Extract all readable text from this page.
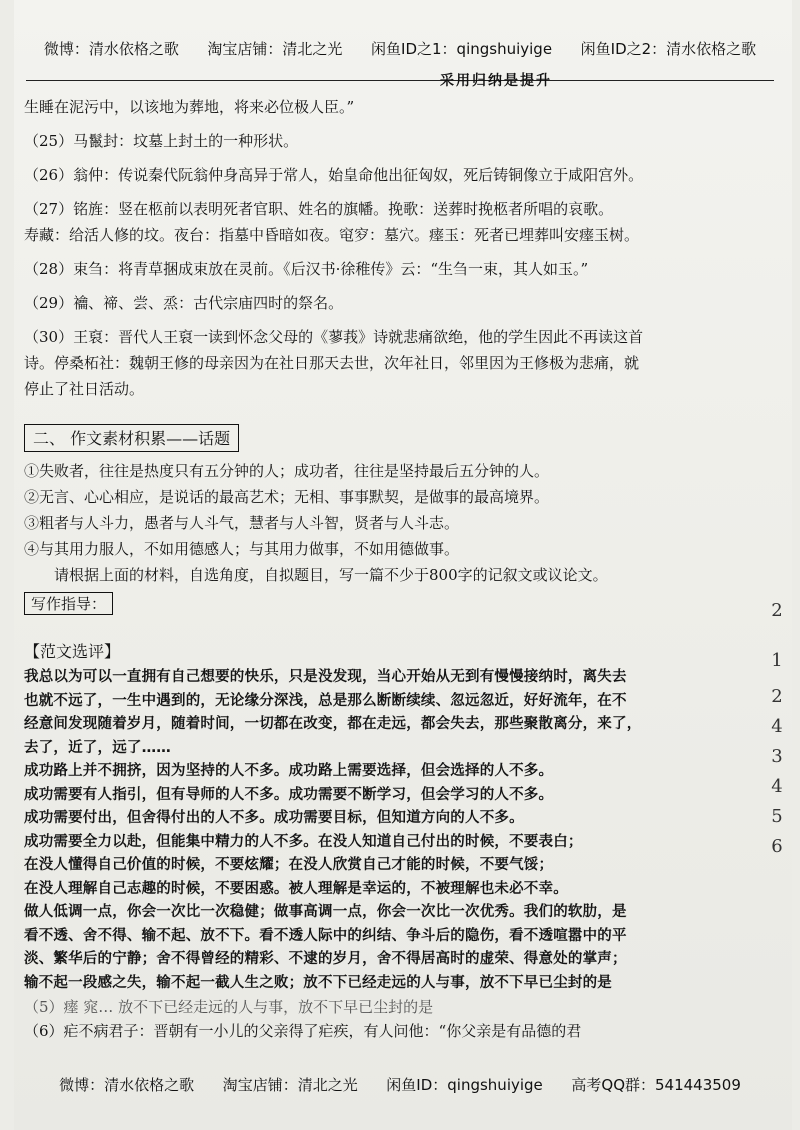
微博：清水依格之歌      淘宝店铺：清北之光      闲鱼ID之1：qingshuiyige      闲鱼ID之2：清水依格之歌
采用归纳是提升
生睡在泥污中，以该地为葬地，将来必位极人臣。”
（25）马鬣封：坟墓上封土的一种形状。
（26）翁仲：传说秦代阮翁仲身高异于常人，始皇命他出征匈奴，死后铸铜像立于咸阳宫外。
（27）铭旌：竖在柩前以表明死者官职、姓名的旗幡。挽歌：送葬时挽柩者所唱的哀歌。
寿藏：给活人修的坟。夜台：指墓中昏暗如夜。窀穸：墓穴。瘗玉：死者已埋葬叫安瘗玉树。
（28）束刍：将青草捆成束放在灵前。《后汉书·徐稚传》云：“生刍一束，其人如玉。”
（29）禴、禘、尝、烝：古代宗庙四时的祭名。
（30）王裒：晋代人王裒一读到怀念父母的《蓼莪》诗就悲痛欲绝，他的学生因此不再读这首
诗。停桑柘社：魏朝王修的母亲因为在社日那天去世，次年社日，邻里因为王修极为悲痛，就
停止了社日活动。
二、 作文素材积累——话题
①失败者，往往是热度只有五分钟的人；成功者，往往是坚持最后五分钟的人。
②无言、心心相应，是说话的最高艺术；无相、事事默契，是做事的最高境界。
③粗者与人斗力，愚者与人斗气，慧者与人斗智，贤者与人斗志。
④与其用力服人，不如用德感人；与其用力做事，不如用德做事。
请根据上面的材料，自选角度，自拟题目，写一篇不少于800字的记叙文或议论文。
写作指导：
【范文选评】
我总以为可以一直拥有自己想要的快乐，只是没发现，当心开始从无到有慢慢接纳时，离失去
也就不远了，一生中遇到的，无论缘分深浅，总是那么断断续续、忽远忽近，好好流年，在不
经意间发现随着岁月，随着时间，一切都在改变，都在走远，都会失去，那些聚散离分，来了，
去了，近了，远了……
成功路上并不拥挤，因为坚持的人不多。成功路上需要选择，但会选择的人不多。
成功需要有人指引，但有导师的人不多。成功需要不断学习，但会学习的人不多。
成功需要付出，但舍得付出的人不多。成功需要目标，但知道方向的人不多。
成功需要全力以赴，但能集中精力的人不多。在没人知道自己付出的时候，不要表白；
在没人懂得自己价值的时候，不要炫耀；在没人欣赏自己才能的时候，不要气馁；
在没人理解自己志趣的时候，不要困惑。被人理解是幸运的，不被理解也未必不幸。
做人低调一点，你会一次比一次稳健；做事高调一点，你会一次比一次优秀。我们的软肋，是
看不透、舍不得、输不起、放不下。看不透人际中的纠结、争斗后的隐伤，看不透喧嚣中的平
淡、繁华后的宁静；舍不得曾经的精彩、不逮的岁月，舍不得居高时的虚荣、得意处的掌声；
输不起一段感之失，输不起一截人生之败；放不下已经走远的人与事，放不下早已尘封的是
（5）瘗 窕… 放不下已经走远的人与事，放不下早已尘封的是
（6）疟不病君子：晋朝有一小儿的父亲得了疟疾，有人问他：“你父亲是有品德的君
2
1
2
4
3
4
5
6
微博：清水依格之歌      淘宝店铺：清北之光      闲鱼ID：qingshuiyige      高考QQ群：541443509
